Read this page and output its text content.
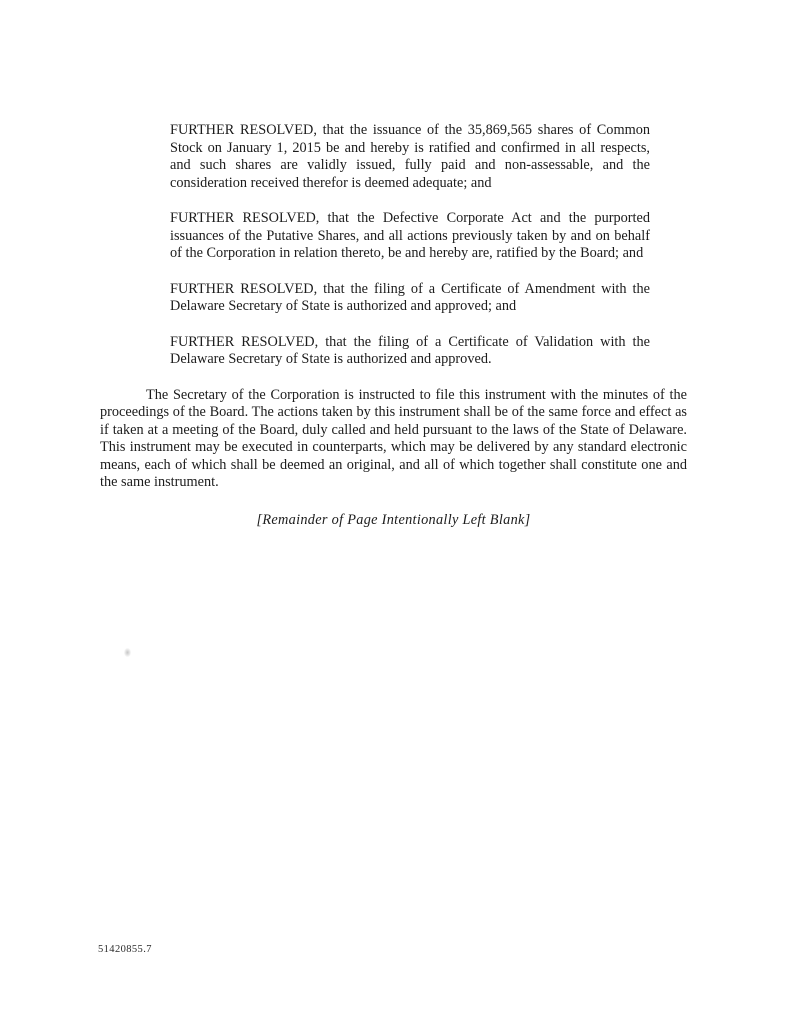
FURTHER RESOLVED, that the issuance of the 35,869,565 shares of Common Stock on January 1, 2015 be and hereby is ratified and confirmed in all respects, and such shares are validly issued, fully paid and non-assessable, and the consideration received therefor is deemed adequate; and

FURTHER RESOLVED, that the Defective Corporate Act and the purported issuances of the Putative Shares, and all actions previously taken by and on behalf of the Corporation in relation thereto, be and hereby are, ratified by the Board; and

FURTHER RESOLVED, that the filing of a Certificate of Amendment with the Delaware Secretary of State is authorized and approved; and

FURTHER RESOLVED, that the filing of a Certificate of Validation with the Delaware Secretary of State is authorized and approved.

The Secretary of the Corporation is instructed to file this instrument with the minutes of the proceedings of the Board. The actions taken by this instrument shall be of the same force and effect as if taken at a meeting of the Board, duly called and held pursuant to the laws of the State of Delaware. This instrument may be executed in counterparts, which may be delivered by any standard electronic means, each of which shall be deemed an original, and all of which together shall constitute one and the same instrument.

[Remainder of Page Intentionally Left Blank]

51420855.7
